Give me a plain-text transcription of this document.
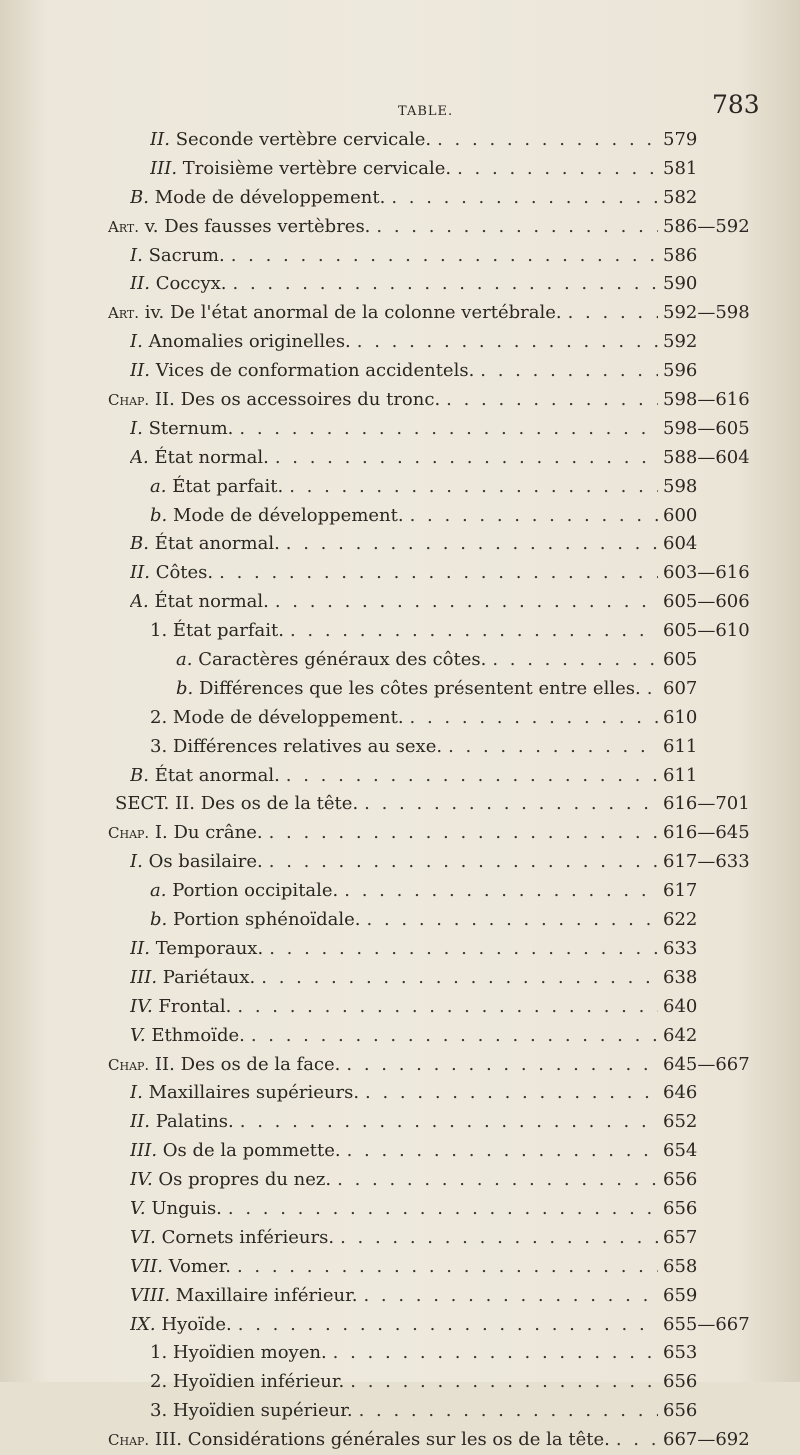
TABLE.	783
II. Seconde vertèbre cervicale. . . .	579
III. Troisième vertèbre cervicale. . . .	581
B. Mode de développement. . . .	582
Art. v. Des fausses vertèbres. . . .	586—592
I. Sacrum. . . .	586
II. Coccyx. . . .	590
Art. iv. De l'état anormal de la colonne vertébrale. . . .	592—598
I. Anomalies originelles. . . .	592
II. Vices de conformation accidentels. . . .	596
Chap. II. Des os accessoires du tronc. . . .	598—616
I. Sternum. . . .	598—605
A. État normal. . . .	588—604
a. État parfait. . . .	598
b. Mode de développement. . . .	600
B. État anormal. . . .	604
II. Côtes. . . .	603—616
A. État normal. . . .	605—606
1. État parfait. . . .	605—610
a. Caractères généraux des côtes. . . .	605
b. Différences que les côtes présentent entre elles. . . . 607
2. Mode de développement. . . .	610
3. Différences relatives au sexe. . . .	611
B. État anormal. . . .	611
SECT. II. Des os de la tête. . . .	616—701
Chap. I. Du crâne. . . .	616—645
I. Os basilaire. . . .	617—633
a. Portion occipitale. . . .	617
b. Portion sphénoïdale. . . .	622
II. Temporaux. . . .	633
III. Pariétaux. . . .	638
IV. Frontal. . . .	640
V. Ethmoïde. . . .	642
Chap. II. Des os de la face. . . .	645—667
I. Maxillaires supérieurs. . . .	646
II. Palatins. . . .	652
III. Os de la pommette. . . .	654
IV. Os propres du nez. . . .	656
V. Unguis. . . .	656
VI. Cornets inférieurs. . . .	657
VII. Vomer. . . .	658
VIII. Maxillaire inférieur. . . .	659
IX. Hyoïde. . . .	655—667
1. Hyoïdien moyen. . . .	653
2. Hyoïdien inférieur. . . .	656
3. Hyoïdien supérieur. . . .	656
Chap. III. Considérations générales sur les os de la tête. . . .	667—692
